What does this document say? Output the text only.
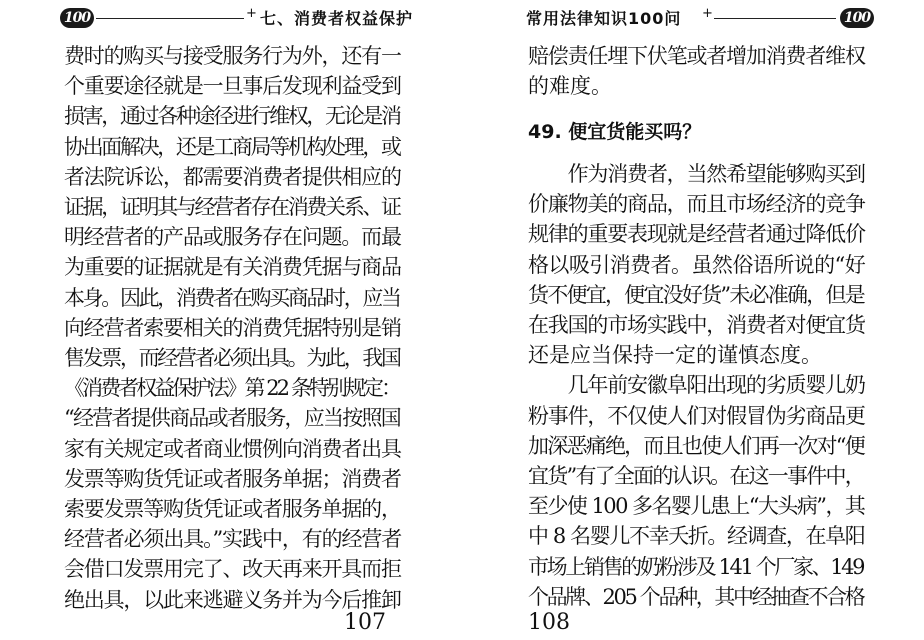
100	+ 七、消费者权益保护
费时的购买与接受服务行为外，还有一
个重要途径就是一旦事后发现利益受到
损害，通过各种途径进行维权，无论是消
协出面解决，还是工商局等机构处理，或
者法院诉讼，都需要消费者提供相应的
证据，证明其与经营者存在消费关系、证
明经营者的产品或服务存在问题。而最
为重要的证据就是有关消费凭据与商品
本身。因此，消费者在购买商品时，应当
向经营者索要相关的消费凭据特别是销
售发票，而经营者必须出具。为此，我国
《消费者权益保护法》第 22 条特别规定：
“经营者提供商品或者服务，应当按照国
家有关规定或者商业惯例向消费者出具
发票等购货凭证或者服务单据；消费者
索要发票等购货凭证或者服务单据的，
经营者必须出具。”实践中，有的经营者
会借口发票用完了、改天再来开具而拒
绝出具，以此来逃避义务并为今后推卸
107
常用法律知识100问 +	100
赔偿责任埋下伏笔或者增加消费者维权
的难度。
49. 便宜货能买吗？
　　作为消费者，当然希望能够购买到
价廉物美的商品，而且市场经济的竞争
规律的重要表现就是经营者通过降低价
格以吸引消费者。虽然俗语所说的“好
货不便宜，便宜没好货”未必准确，但是
在我国的市场实践中，消费者对便宜货
还是应当保持一定的谨慎态度。
　　几年前安徽阜阳出现的劣质婴儿奶
粉事件，不仅使人们对假冒伪劣商品更
加深恶痛绝，而且也使人们再一次对“便
宜货”有了全面的认识。在这一事件中，
至少使 100 多名婴儿患上“大头病”，其
中 8 名婴儿不幸夭折。经调查，在阜阳
市场上销售的奶粉涉及 141 个厂家、149
个品牌、205 个品种，其中经抽查不合格
108
